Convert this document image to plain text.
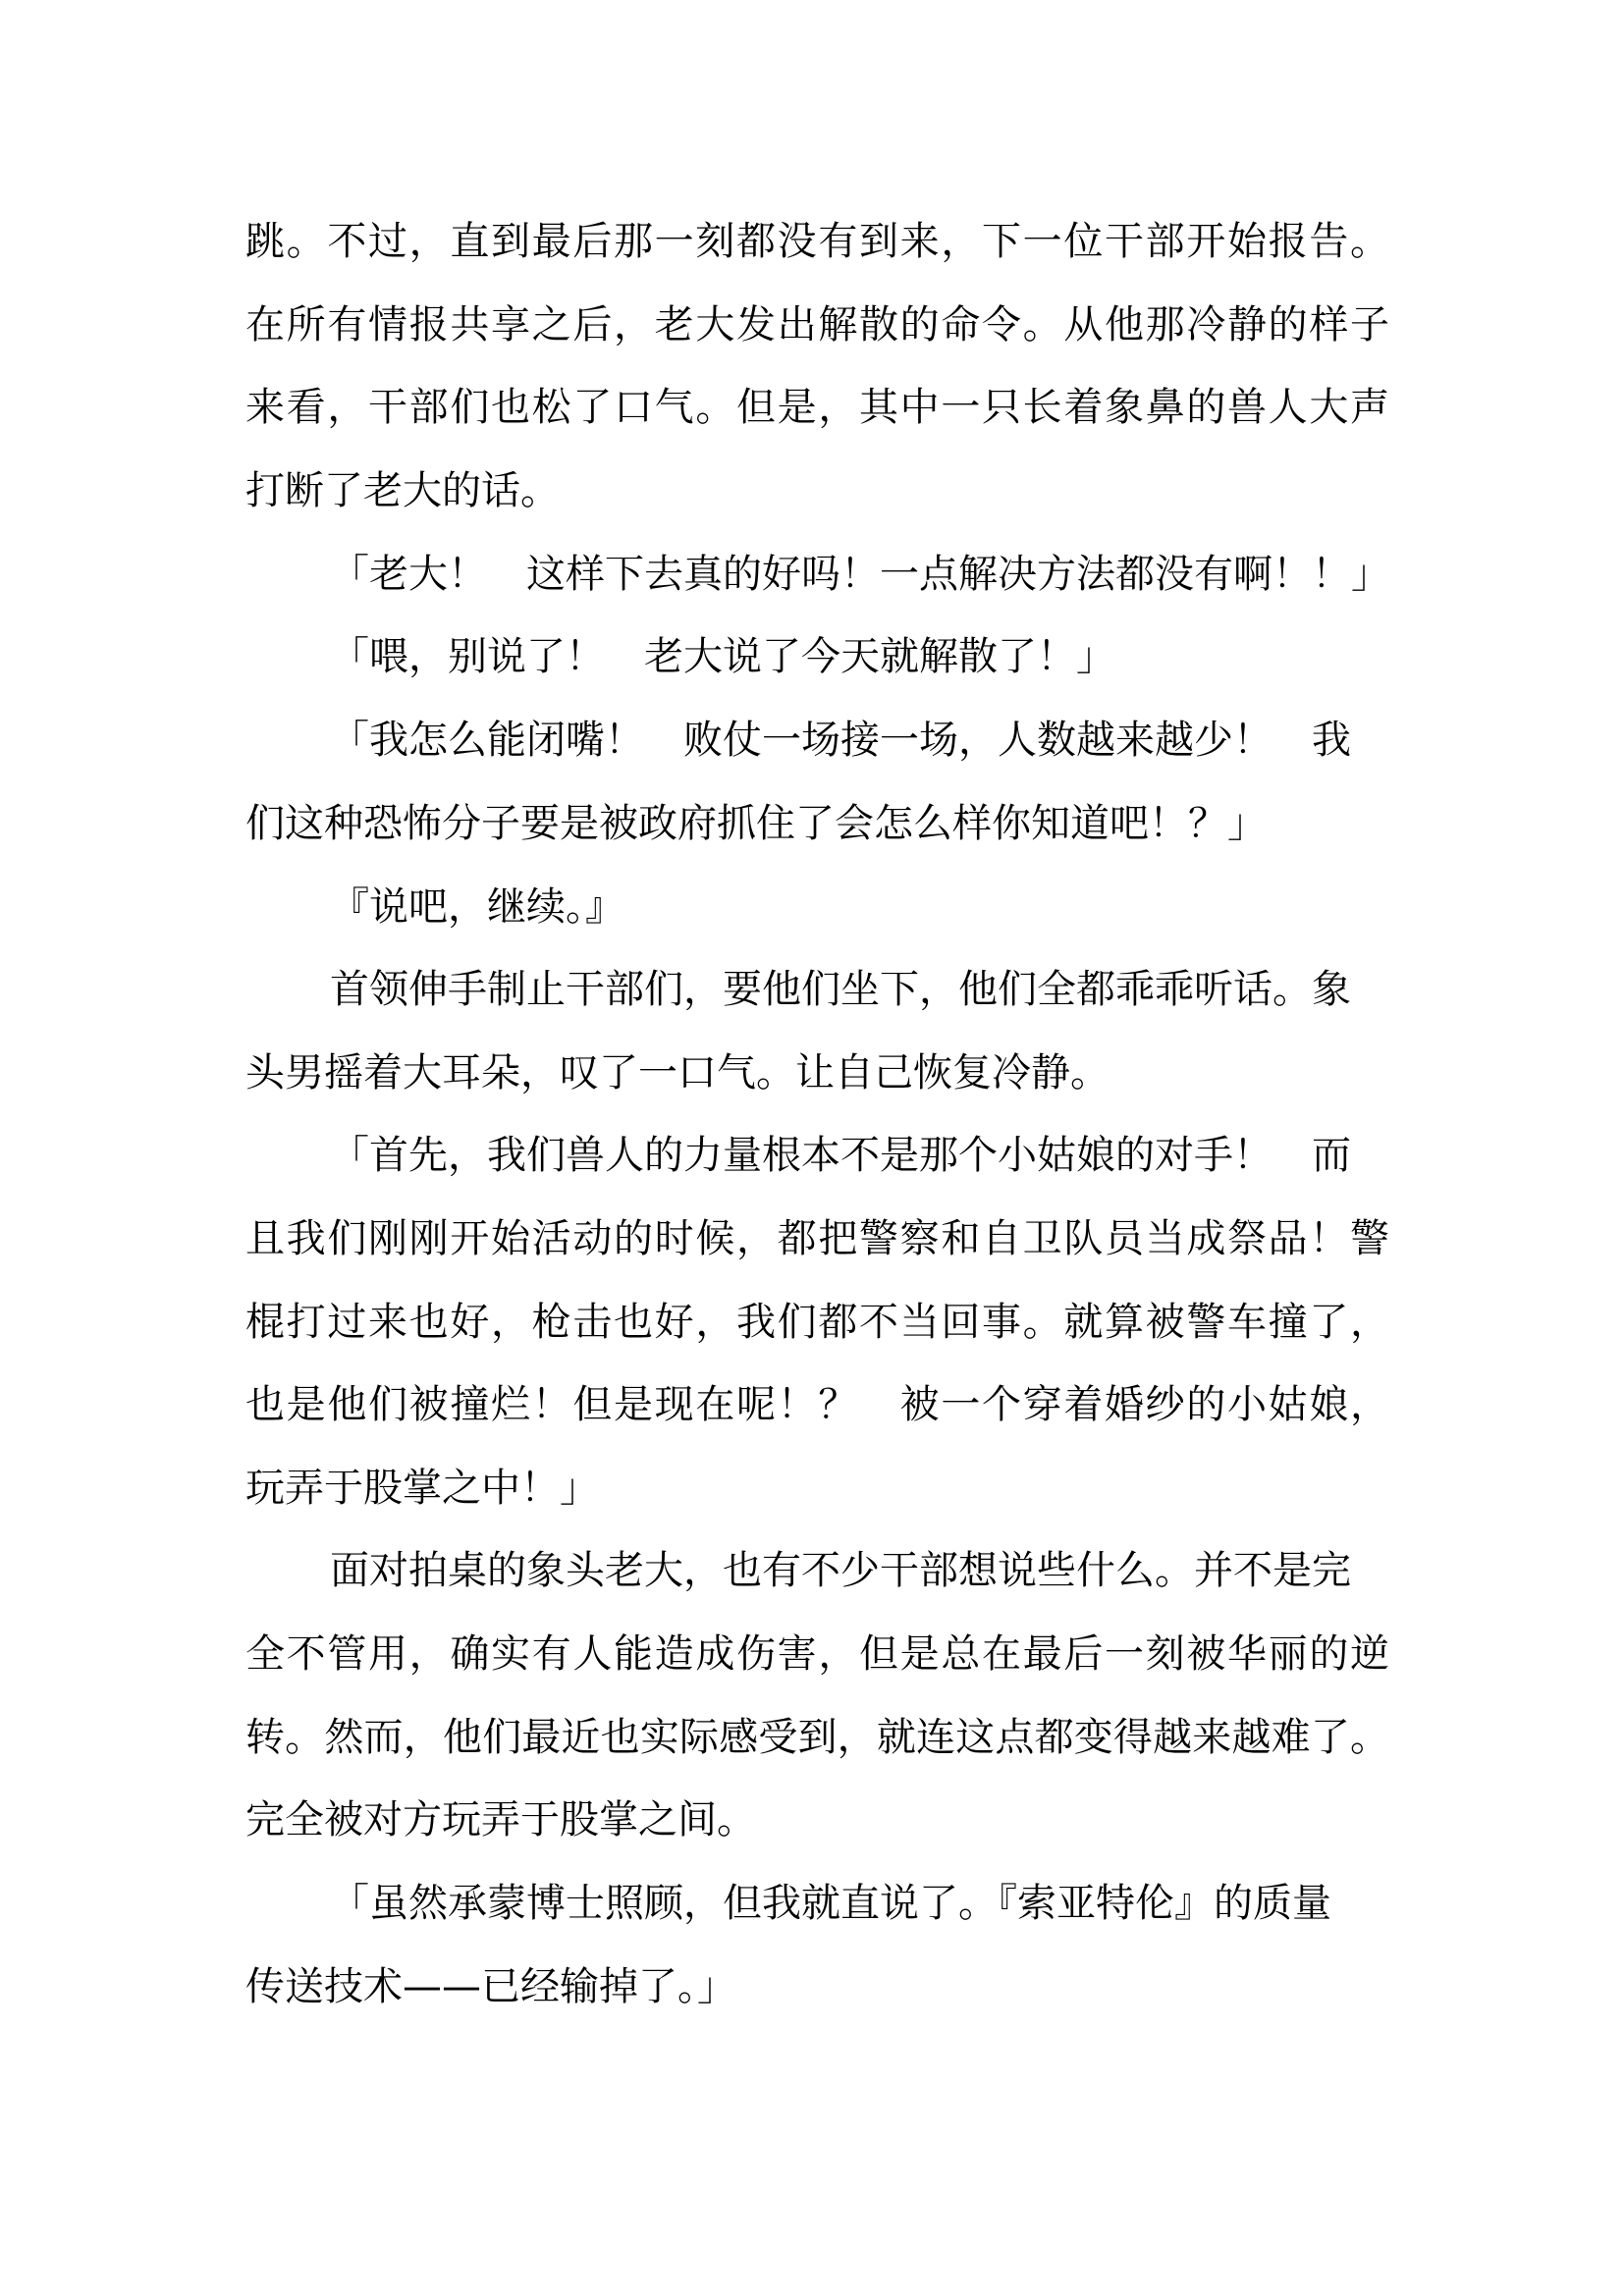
跳。不过，直到最后那一刻都没有到来，下一位干部开始报告。
在所有情报共享之后，老大发出解散的命令。从他那冷静的样子
来看，干部们也松了口气。但是，其中一只长着象鼻的兽人大声
打断了老大的话。
「老大！　这样下去真的好吗！一点解决方法都没有啊！！」
「喂，别说了！　老大说了今天就解散了！」
「我怎么能闭嘴！　败仗一场接一场，人数越来越少！　我
们这种恐怖分子要是被政府抓住了会怎么样你知道吧！？」
『说吧，继续。』
首领伸手制止干部们，要他们坐下，他们全都乖乖听话。象
头男摇着大耳朵，叹了一口气。让自己恢复冷静。
「首先，我们兽人的力量根本不是那个小姑娘的对手！　而
且我们刚刚开始活动的时候，都把警察和自卫队员当成祭品！警
棍打过来也好，枪击也好，我们都不当回事。就算被警车撞了，
也是他们被撞烂！但是现在呢！？　被一个穿着婚纱的小姑娘，
玩弄于股掌之中！」
面对拍桌的象头老大，也有不少干部想说些什么。并不是完
全不管用，确实有人能造成伤害，但是总在最后一刻被华丽的逆
转。然而，他们最近也实际感受到，就连这点都变得越来越难了。
完全被对方玩弄于股掌之间。
「虽然承蒙博士照顾，但我就直说了。『索亚特伦』的质量
传送技术——已经输掉了。」
